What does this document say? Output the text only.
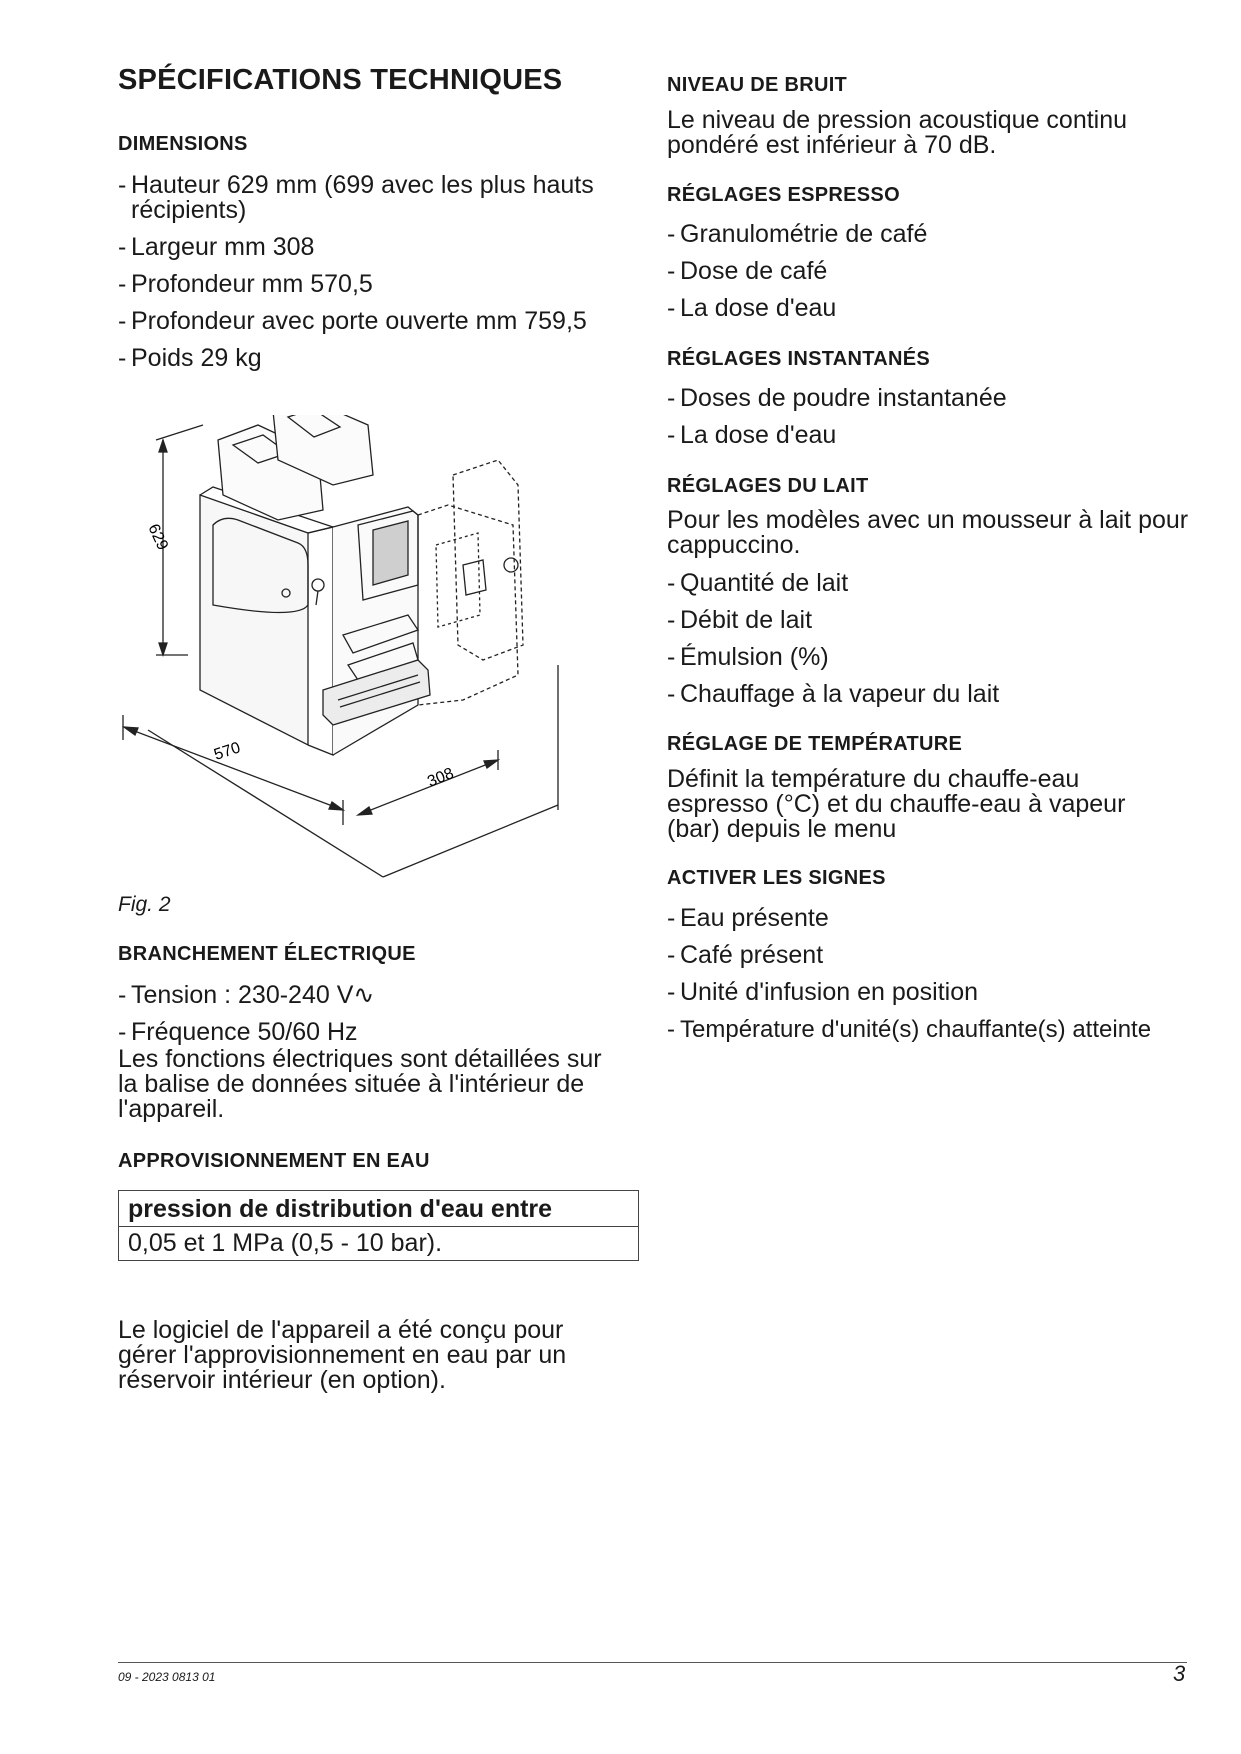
SPÉCIFICATIONS TECHNIQUES
DIMENSIONS
- Hauteur 629 mm (699 avec les plus hauts récipients)
- Largeur mm 308
- Profondeur mm 570,5
- Profondeur avec porte ouverte mm 759,5
- Poids 29 kg
629
570
308
Fig. 2
BRANCHEMENT ÉLECTRIQUE
- Tension : 230-240 V∿
- Fréquence 50/60 Hz

Les fonctions électriques sont détaillées sur la balise de données située à l'intérieur de l'appareil.

APPROVISIONNEMENT EN EAU
pression de distribution d'eau entre
0,05 et 1 MPa (0,5 - 10 bar).

Le logiciel de l'appareil a été conçu pour gérer l'approvisionnement en eau par un réservoir intérieur (en option).

NIVEAU DE BRUIT

Le niveau de pression acoustique continu pondéré est inférieur à 70 dB.

RÉGLAGES ESPRESSO
- Granulométrie de café
- Dose de café
- La dose d'eau
RÉGLAGES INSTANTANÉS
- Doses de poudre instantanée
- La dose d'eau
RÉGLAGES DU LAIT

Pour les modèles avec un mousseur à lait pour cappuccino.

- Quantité de lait
- Débit de lait
- Émulsion (%)
- Chauffage à la vapeur du lait
RÉGLAGE DE TEMPÉRATURE

Définit la température du chauffe-eau espresso (°C) et du chauffe-eau à vapeur (bar) depuis le menu

ACTIVER LES SIGNES
- Eau présente
- Café présent
- Unité d'infusion en position
- Température d'unité(s) chauffante(s) atteinte
09 - 2023 0813 01	3
